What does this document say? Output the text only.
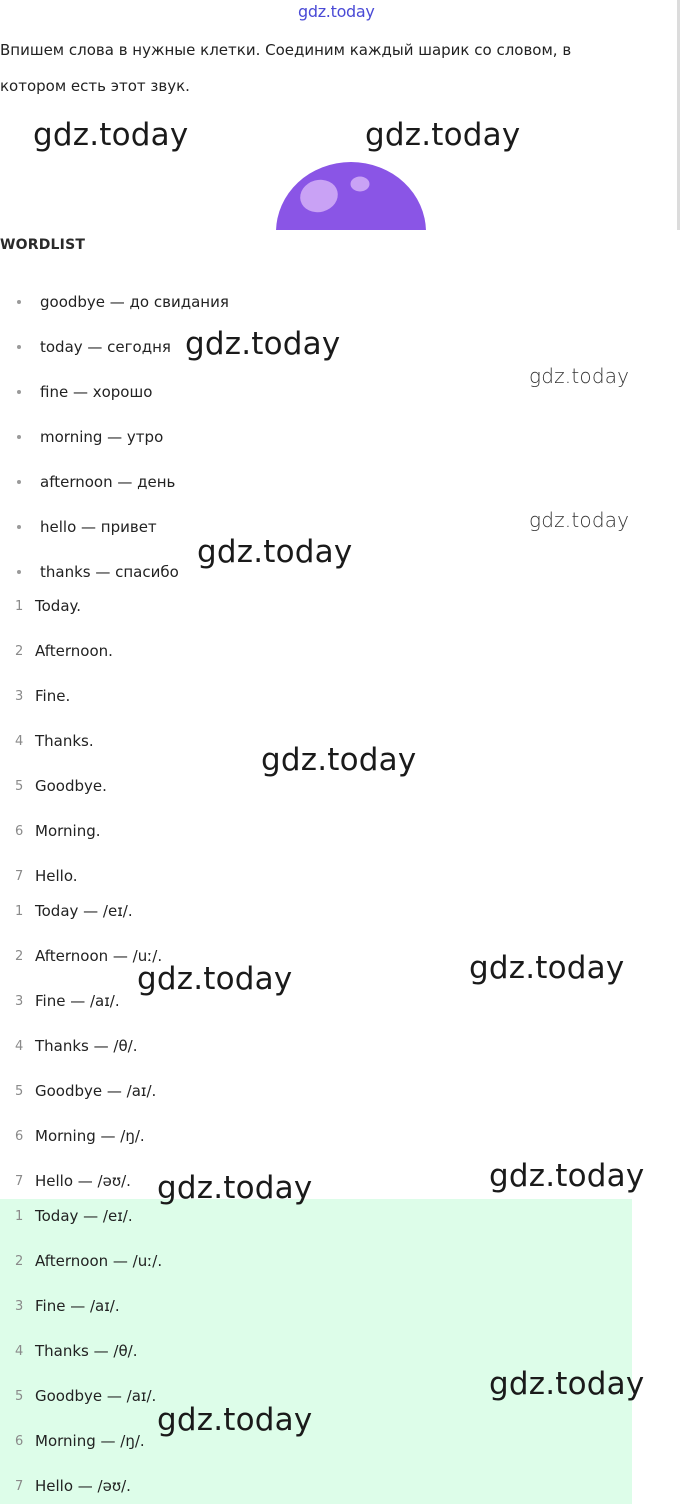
gdz.today
Впишем слова в нужные клетки. Соединим каждый шарик со словом, в котором есть этот звук.
WORDLIST
goodbye — до свидания
today — сегодня
fine — хорошо
morning — утро
afternoon — день
hello — привет
thanks — спасибо
1 Today.
2 Afternoon.
3 Fine.
4 Thanks.
5 Goodbye.
6 Morning.
7 Hello.
1 Today — /eɪ/.
2 Afternoon — /uː/.
3 Fine — /aɪ/.
4 Thanks — /θ/.
5 Goodbye — /aɪ/.
6 Morning — /ŋ/.
7 Hello — /əʊ/.
1 Today — /eɪ/.
2 Afternoon — /uː/.
3 Fine — /aɪ/.
4 Thanks — /θ/.
5 Goodbye — /aɪ/.
6 Morning — /ŋ/.
7 Hello — /əʊ/.
gdz.today	gdz.today
gdz.today
gdz.today
gdz.today
gdz.today
gdz.today
gdz.today	gdz.today
gdz.today	gdz.today
gdz.today
gdz.today
